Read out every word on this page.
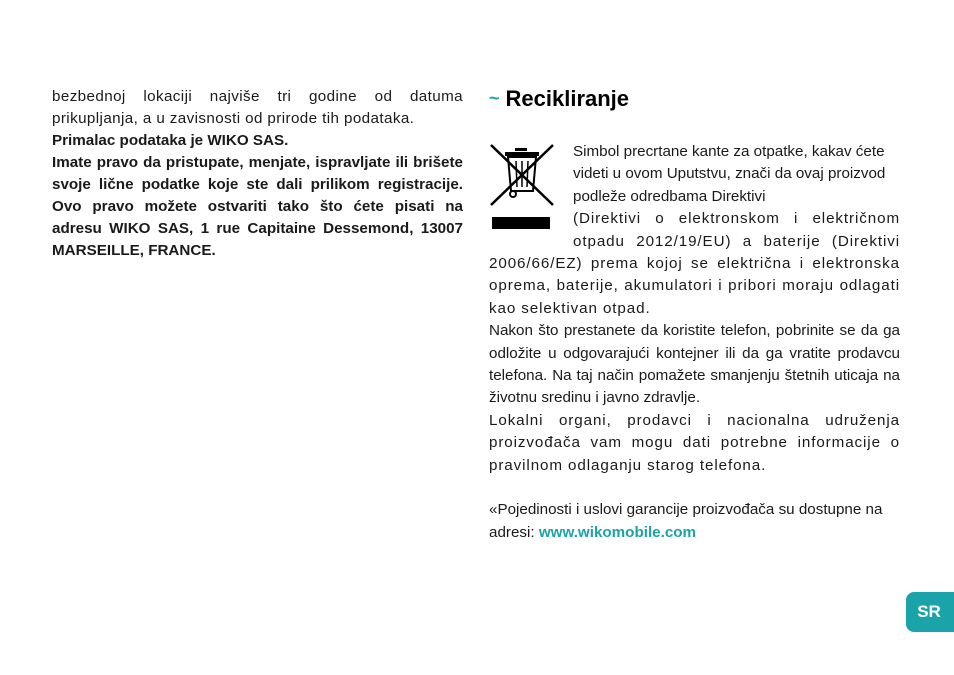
bezbednoj lokaciji najviše tri godine od datuma prikupljanja, a u zavisnosti od prirode tih podataka.

Primalac podataka je WIKO SAS.

Imate pravo da pristupate, menjate, ispravljate ili brišete svoje lične podatke koje ste dali prilikom registracije. Ovo pravo možete ostvariti tako što ćete pisati na adresu WIKO SAS, 1 rue Capitaine Dessemond, 13007 MARSEILLE, FRANCE.

~ Recikliranje

Simbol precrtane kante za otpatke, kakav ćete videti u ovom Uputstvu, znači da ovaj proizvod podleže odredbama Direktivi

(Direktivi o elektronskom i električnom otpadu 2012/19/EU) a baterije (Direktivi 2006/66/EZ) prema kojoj se električna i elektronska oprema, baterije, akumulatori i pribori moraju odlagati kao selektivan otpad.

Nakon što prestanete da koristite telefon, pobrinite se da ga odložite u odgovarajući kontejner ili da ga vratite prodavcu telefona. Na taj način pomažete smanjenju štetnih uticaja na životnu sredinu i javno zdravlje.

Lokalni organi, prodavci i nacionalna udruženja proizvođača vam mogu dati potrebne informacije o pravilnom odlaganju starog telefona.

«Pojedinosti i uslovi garancije proizvođača su dostupne na adresi: www.wikomobile.com

SR
